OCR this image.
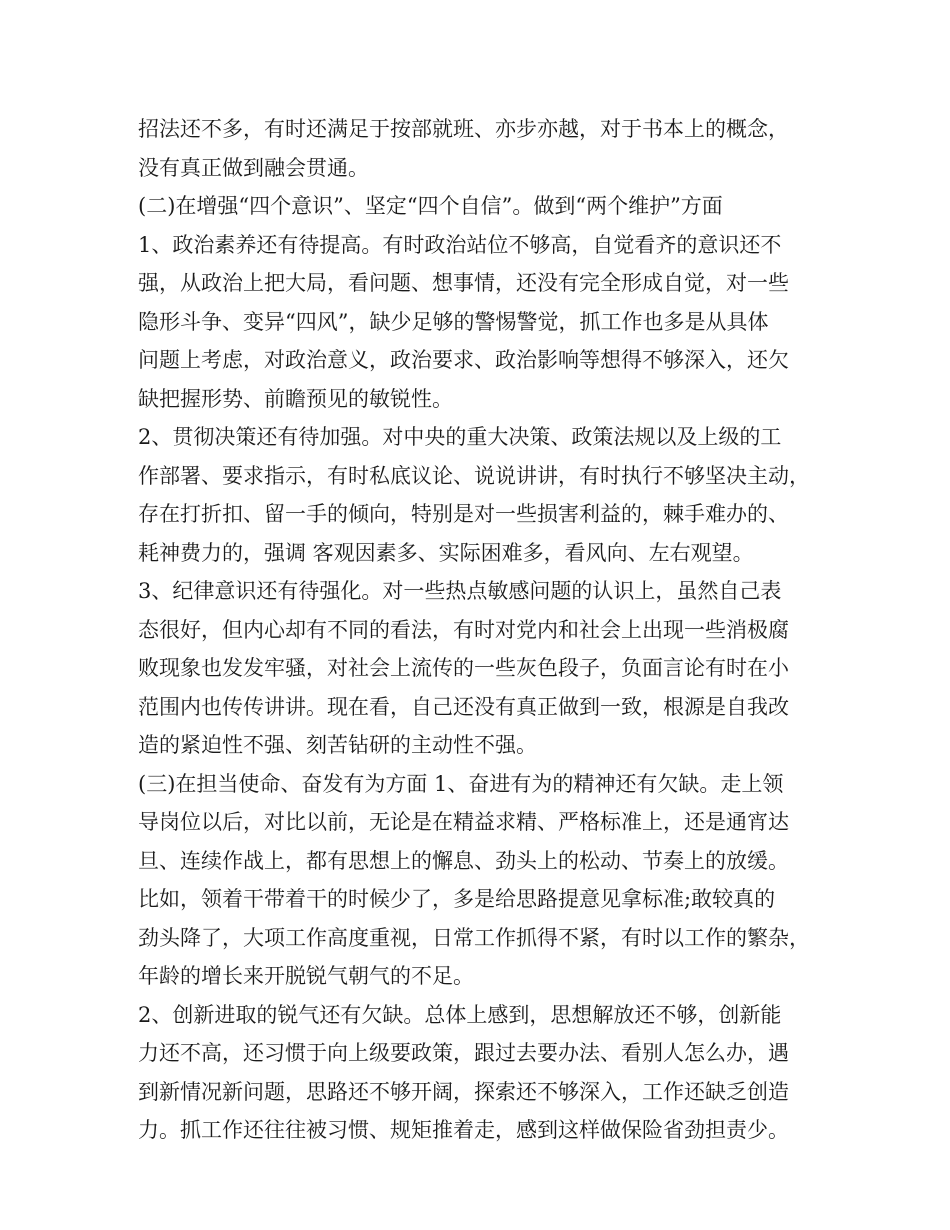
招法还不多，有时还满足于按部就班、亦步亦越，对于书本上的概念，
没有真正做到融会贯通。
(二)在增强“四个意识”、坚定“四个自信”。做到“两个维护”方面
1、政治素养还有待提高。有时政治站位不够高，自觉看齐的意识还不
强，从政治上把大局，看问题、想事情，还没有完全形成自觉，对一些
隐形斗争、变异“四风”，缺少足够的警惕警觉，抓工作也多是从具体
问题上考虑，对政治意义，政治要求、政治影响等想得不够深入，还欠
缺把握形势、前瞻预见的敏锐性。
2、贯彻决策还有待加强。对中央的重大决策、政策法规以及上级的工
作部署、要求指示，有时私底议论、说说讲讲，有时执行不够坚决主动，
存在打折扣、留一手的倾向，特别是对一些损害利益的，棘手难办的、
耗神费力的，强调 客观因素多、实际困难多，看风向、左右观望。
3、纪律意识还有待强化。对一些热点敏感问题的认识上，虽然自己表
态很好，但内心却有不同的看法，有时对党内和社会上出现一些消极腐
败现象也发发牢骚，对社会上流传的一些灰色段子，负面言论有时在小
范围内也传传讲讲。现在看，自己还没有真正做到一致，根源是自我改
造的紧迫性不强、刻苦钻研的主动性不强。
(三)在担当使命、奋发有为方面 1、奋进有为的精神还有欠缺。走上领
导岗位以后，对比以前，无论是在精益求精、严格标准上，还是通宵达
旦、连续作战上，都有思想上的懈息、劲头上的松动、节奏上的放缓。
比如，领着干带着干的时候少了，多是给思路提意见拿标准;敢较真的
劲头降了，大项工作高度重视，日常工作抓得不紧，有时以工作的繁杂，
年龄的增长来开脱锐气朝气的不足。
2、创新进取的锐气还有欠缺。总体上感到，思想解放还不够，创新能
力还不高，还习惯于向上级要政策，跟过去要办法、看别人怎么办，遇
到新情况新问题，思路还不够开阔，探索还不够深入，工作还缺乏创造
力。抓工作还往往被习惯、规矩推着走，感到这样做保险省劲担责少。
